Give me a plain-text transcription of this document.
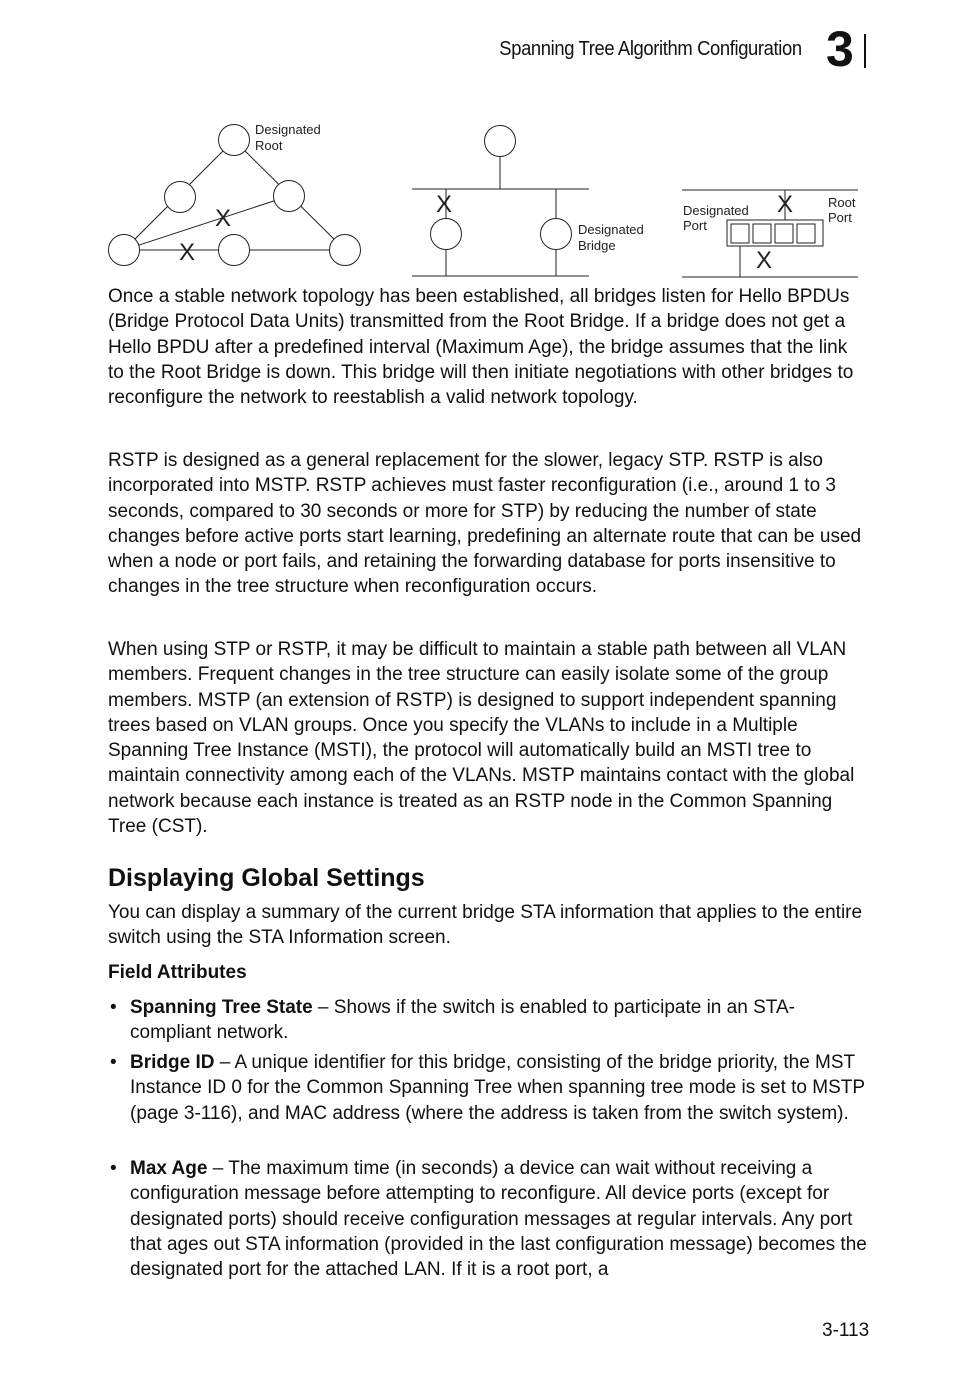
Spanning Tree Algorithm Configuration 3
Designated
Root
Designated
Bridge
Designated
Port
Root
Port
X
X
X	X
X

Once a stable network topology has been established, all bridges listen for Hello BPDUs (Bridge Protocol Data Units) transmitted from the Root Bridge. If a bridge does not get a Hello BPDU after a predefined interval (Maximum Age), the bridge assumes that the link to the Root Bridge is down. This bridge will then initiate negotiations with other bridges to reconfigure the network to reestablish a valid network topology.

RSTP is designed as a general replacement for the slower, legacy STP. RSTP is also incorporated into MSTP. RSTP achieves must faster reconfiguration (i.e., around 1 to 3 seconds, compared to 30 seconds or more for STP) by reducing the number of state changes before active ports start learning, predefining an alternate route that can be used when a node or port fails, and retaining the forwarding database for ports insensitive to changes in the tree structure when reconfiguration occurs.

When using STP or RSTP, it may be difficult to maintain a stable path between all VLAN members. Frequent changes in the tree structure can easily isolate some of the group members. MSTP (an extension of RSTP) is designed to support independent spanning trees based on VLAN groups. Once you specify the VLANs to include in a Multiple Spanning Tree Instance (MSTI), the protocol will automatically build an MSTI tree to maintain connectivity among each of the VLANs. MSTP maintains contact with the global network because each instance is treated as an RSTP node in the Common Spanning Tree (CST).

Displaying Global Settings

You can display a summary of the current bridge STA information that applies to the entire switch using the STA Information screen.

Field Attributes
• Spanning Tree State – Shows if the switch is enabled to participate in an STA-compliant network.
• Bridge ID – A unique identifier for this bridge, consisting of the bridge priority, the MST Instance ID 0 for the Common Spanning Tree when spanning tree mode is set to MSTP (page 3-116), and MAC address (where the address is taken from the switch system).
• Max Age – The maximum time (in seconds) a device can wait without receiving a configuration message before attempting to reconfigure. All device ports (except for designated ports) should receive configuration messages at regular intervals. Any port that ages out STA information (provided in the last configuration message) becomes the designated port for the attached LAN. If it is a root port, a
3-113
